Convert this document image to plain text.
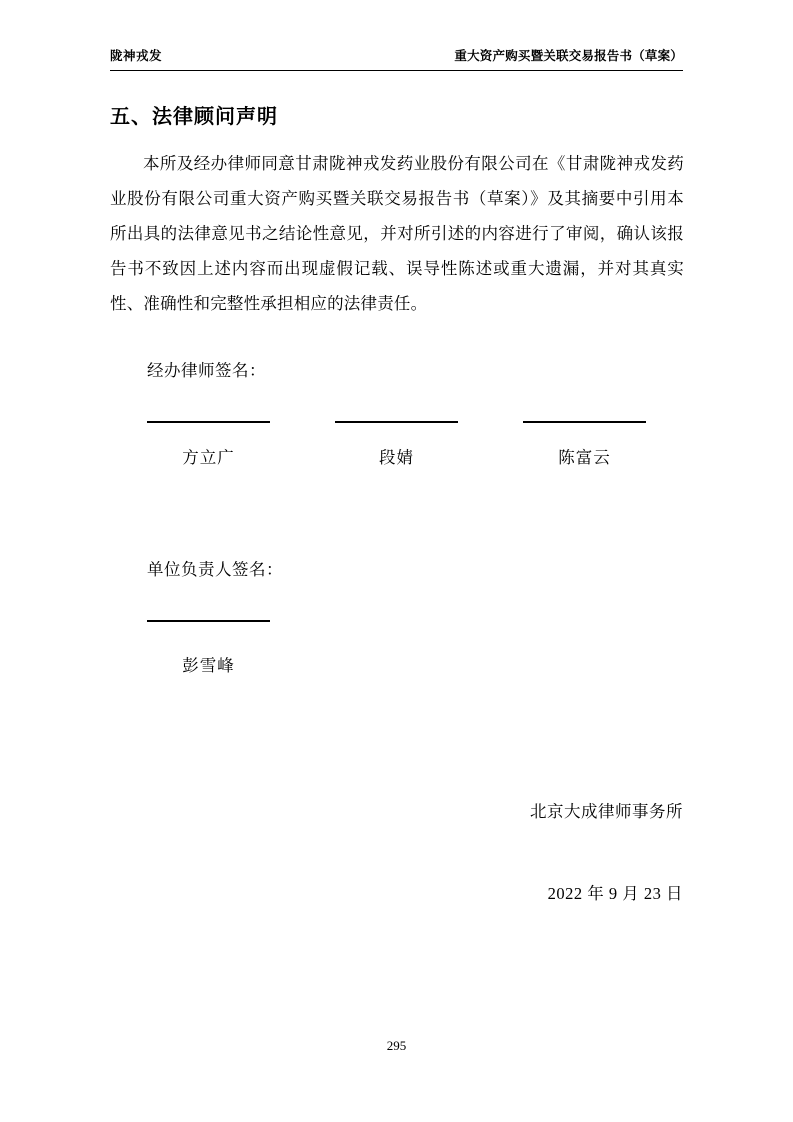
陇神戎发	重大资产购买暨关联交易报告书（草案）
五、法律顾问声明
本所及经办律师同意甘肃陇神戎发药业股份有限公司在《甘肃陇神戎发药业股份有限公司重大资产购买暨关联交易报告书（草案）》及其摘要中引用本所出具的法律意见书之结论性意见，并对所引述的内容进行了审阅，确认该报告书不致因上述内容而出现虚假记载、误导性陈述或重大遗漏，并对其真实性、准确性和完整性承担相应的法律责任。
经办律师签名：
方立广	段婧	陈富云
单位负责人签名：
彭雪峰
北京大成律师事务所
2022 年 9 月 23 日
295
